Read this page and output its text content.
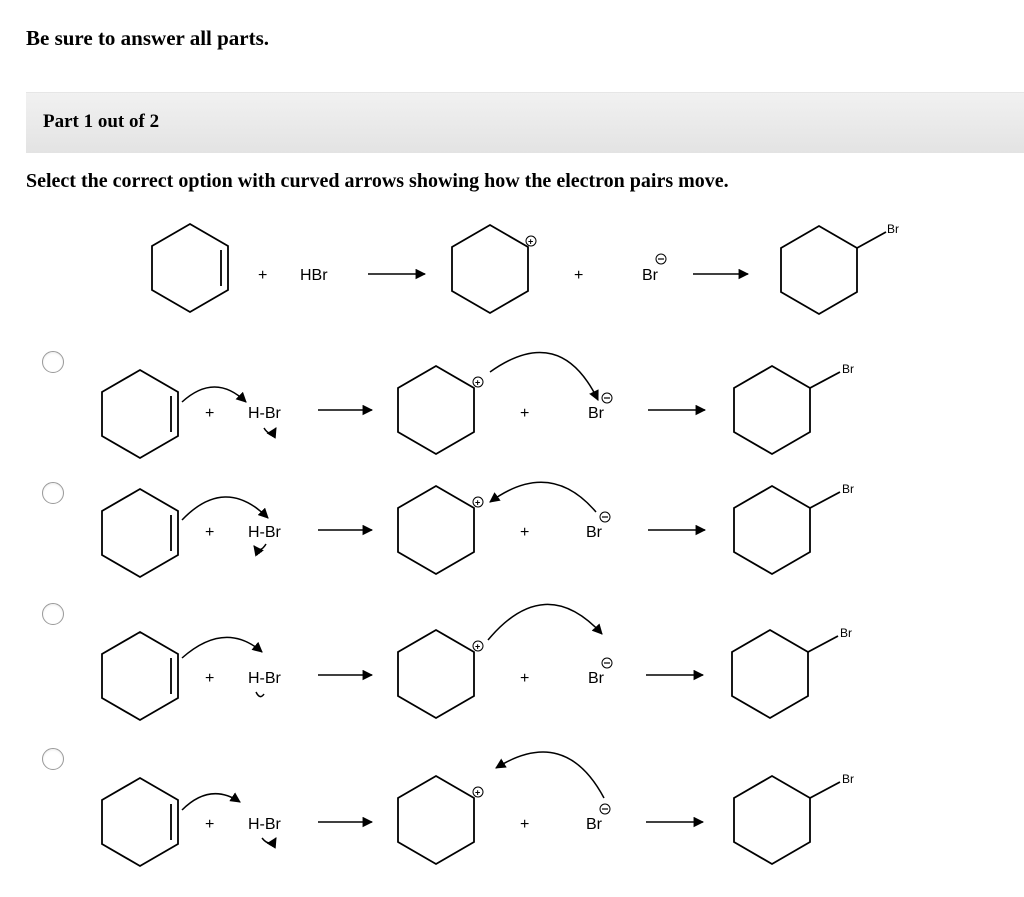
Be sure to answer all parts.

Part 1 out of 2

Select the correct option with curved arrows showing how the electron pairs move.

+ HBr
+
+	Br
Br
+ H-Br
+
+	Br
Br
+ H-Br
+
+	Br
Br
+ H-Br
+
+	Br
Br
+ H-Br
+
+	Br
Br
